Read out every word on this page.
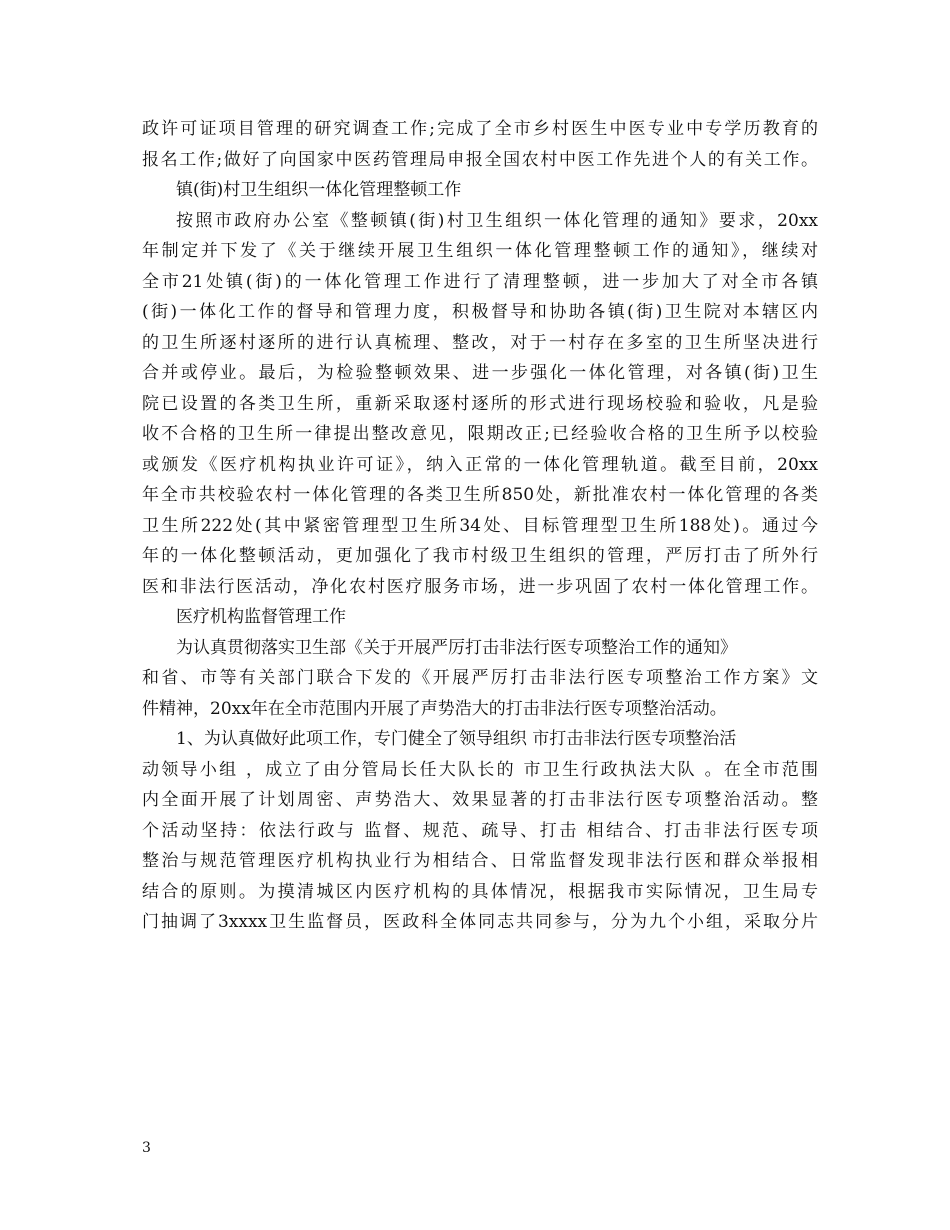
政许可证项目管理的研究调查工作;完成了全市乡村医生中医专业中专学历教育的
报名工作;做好了向国家中医药管理局申报全国农村中医工作先进个人的有关工作。
镇(街)村卫生组织一体化管理整顿工作
按照市政府办公室《整顿镇(街)村卫生组织一体化管理的通知》要求，20xx
年制定并下发了《关于继续开展卫生组织一体化管理整顿工作的通知》，继续对
全市21处镇(街)的一体化管理工作进行了清理整顿，进一步加大了对全市各镇
(街)一体化工作的督导和管理力度，积极督导和协助各镇(街)卫生院对本辖区内
的卫生所逐村逐所的进行认真梳理、整改，对于一村存在多室的卫生所坚决进行
合并或停业。最后，为检验整顿效果、进一步强化一体化管理，对各镇(街)卫生
院已设置的各类卫生所，重新采取逐村逐所的形式进行现场校验和验收，凡是验
收不合格的卫生所一律提出整改意见，限期改正;已经验收合格的卫生所予以校验
或颁发《医疗机构执业许可证》，纳入正常的一体化管理轨道。截至目前，20xx
年全市共校验农村一体化管理的各类卫生所850处，新批准农村一体化管理的各类
卫生所222处(其中紧密管理型卫生所34处、目标管理型卫生所188处)。通过今
年的一体化整顿活动，更加强化了我市村级卫生组织的管理，严厉打击了所外行
医和非法行医活动，净化农村医疗服务市场，进一步巩固了农村一体化管理工作。
医疗机构监督管理工作
为认真贯彻落实卫生部《关于开展严厉打击非法行医专项整治工作的通知》
和省、市等有关部门联合下发的《开展严厉打击非法行医专项整治工作方案》文
件精神，20xx年在全市范围内开展了声势浩大的打击非法行医专项整治活动。
1、为认真做好此项工作，专门健全了领导组织 市打击非法行医专项整治活
动领导小组 ，成立了由分管局长任大队长的 市卫生行政执法大队 。在全市范围
内全面开展了计划周密、声势浩大、效果显著的打击非法行医专项整治活动。整
个活动坚持：依法行政与 监督、规范、疏导、打击 相结合、打击非法行医专项
整治与规范管理医疗机构执业行为相结合、日常监督发现非法行医和群众举报相
结合的原则。为摸清城区内医疗机构的具体情况，根据我市实际情况，卫生局专
门抽调了3xxxx卫生监督员，医政科全体同志共同参与，分为九个小组，采取分片
3
